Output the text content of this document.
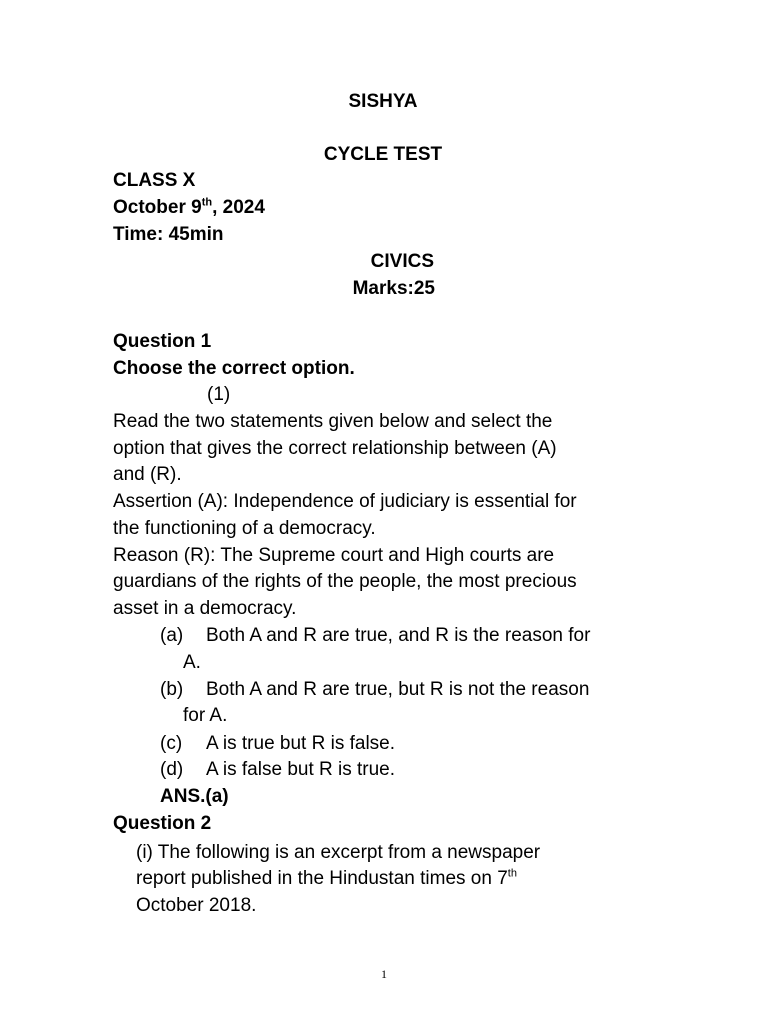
SISHYA
CYCLE TEST
CLASS X
October 9th, 2024
Time: 45min
CIVICS
Marks:25
Question 1
Choose the correct option.
(1)
Read the two statements given below and select the
option that gives the correct relationship between (A)
and (R).
Assertion (A): Independence of judiciary is essential for
the functioning of a democracy.
Reason (R): The Supreme court and High courts are
guardians of the rights of the people, the most precious
asset in a democracy.
(a) Both A and R are true, and R is the reason for
A.
(b) Both A and R are true, but R is not the reason
for A.
(c) A is true but R is false.
(d) A is false but R is true.
ANS.(a)
Question 2
(i) The following is an excerpt from a newspaper
report published in the Hindustan times on 7th
October 2018.
1
